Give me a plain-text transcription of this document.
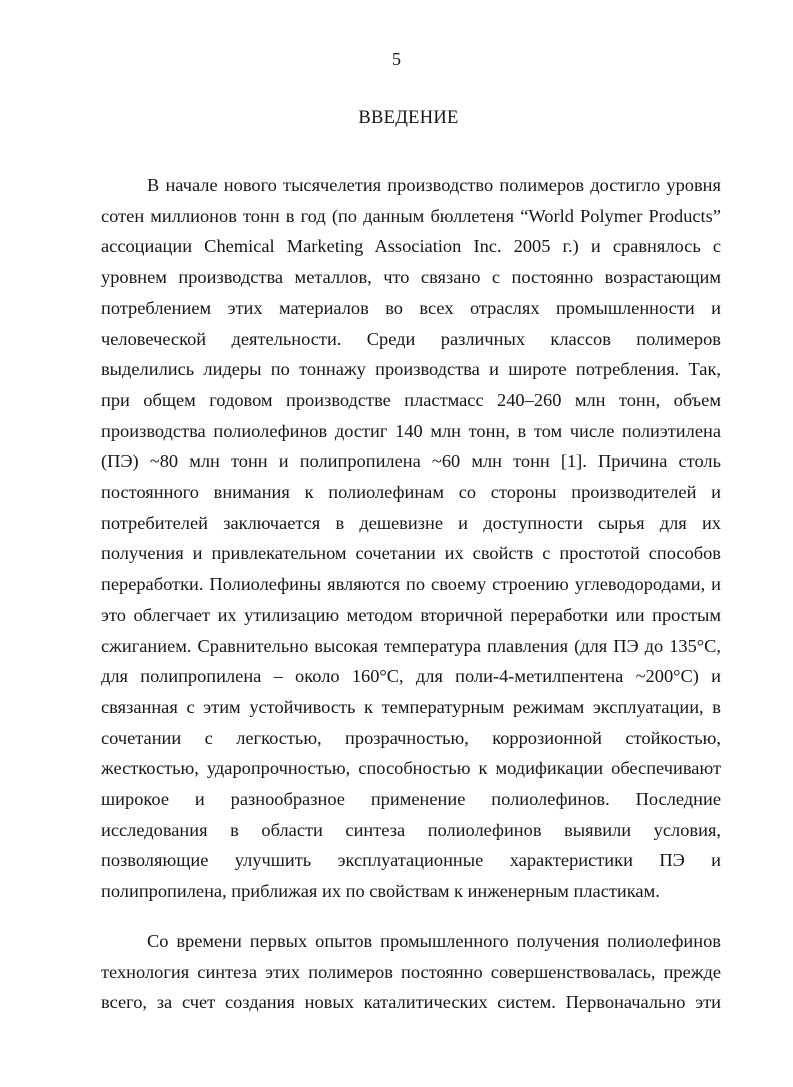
5
ВВЕДЕНИЕ
В начале нового тысячелетия производство полимеров достигло уровня
сотен миллионов тонн в год (по данным бюллетеня “World Polymer Products”
ассоциации Chemical Marketing Association Inc. 2005 г.) и сравнялось с
уровнем производства металлов, что связано с постоянно возрастающим
потреблением этих материалов во всех отраслях промышленности и
человеческой деятельности. Среди различных классов полимеров
выделились лидеры по тоннажу производства и широте потребления. Так,
при общем годовом производстве пластмасс 240–260 млн тонн, объем
производства полиолефинов достиг 140 млн тонн, в том числе полиэтилена
(ПЭ) ~80 млн тонн и полипропилена ~60 млн тонн [1]. Причина столь
постоянного внимания к полиолефинам со стороны производителей и
потребителей заключается в дешевизне и доступности сырья для их
получения и привлекательном сочетании их свойств с простотой способов
переработки. Полиолефины являются по своему строению углеводородами, и
это облегчает их утилизацию методом вторичной переработки или простым
сжиганием. Сравнительно высокая температура плавления (для ПЭ до 135°С,
для полипропилена – около 160°С, для поли-4-метилпентена ~200°С) и
связанная с этим устойчивость к температурным режимам эксплуатации, в
сочетании с легкостью, прозрачностью, коррозионной стойкостью,
жесткостью, ударопрочностью, способностью к модификации обеспечивают
широкое и разнообразное применение полиолефинов. Последние
исследования в области синтеза полиолефинов выявили условия,
позволяющие улучшить эксплуатационные характеристики ПЭ и
полипропилена, приближая их по свойствам к инженерным пластикам.
Со времени первых опытов промышленного получения полиолефинов
технология синтеза этих полимеров постоянно совершенствовалась, прежде
всего, за счет создания новых каталитических систем. Первоначально эти
